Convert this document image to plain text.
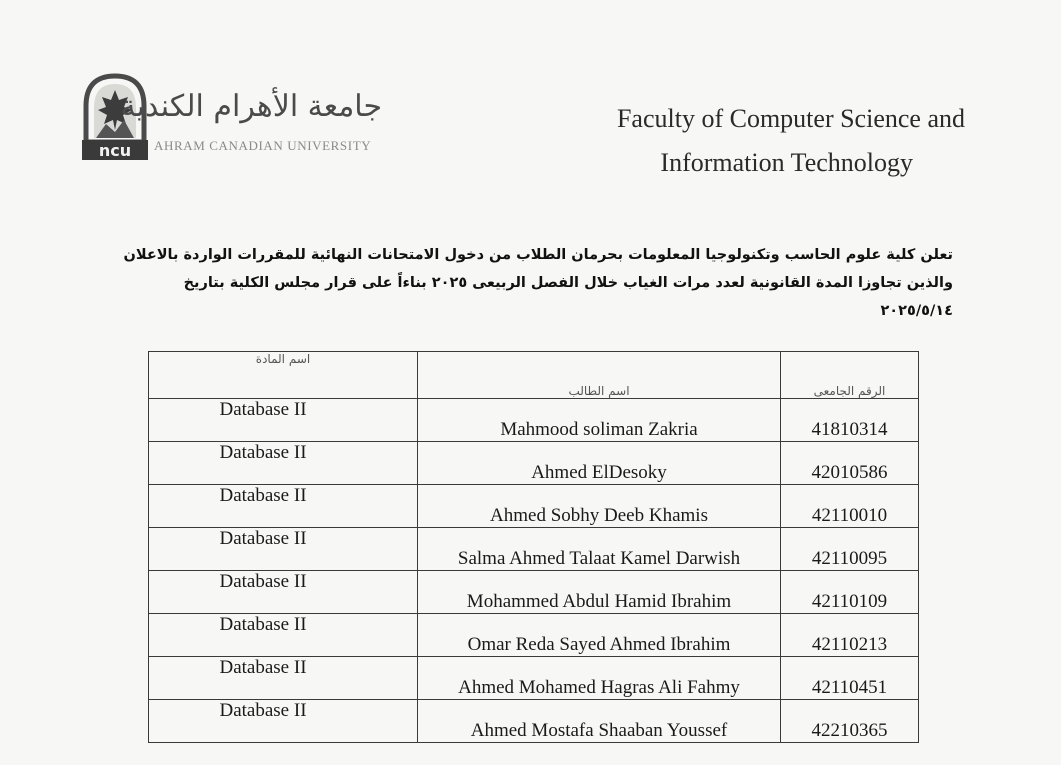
ncu
جامعة الأهرام الكندية
AHRAM CANADIAN UNIVERSITY
Faculty of Computer Science and
Information Technology
تعلن كلية علوم الحاسب وتكنولوجيا المعلومات بحرمان الطلاب من دخول الامتحانات النهائية للمقررات الواردة بالاعلان
والذين تجاوزا المدة القانونية لعدد مرات الغياب خلال الفصل الربيعى ٢٠٢٥ بناءاً على قرار مجلس الكلية بتاريخ
٢٠٢٥/٥/١٤
اسم المادة	اسم الطالب	الرقم الجامعى
Database II	Mahmood soliman Zakria	41810314
Database II	Ahmed ElDesoky	42010586
Database II	Ahmed Sobhy Deeb Khamis	42110010
Database II	Salma Ahmed Talaat Kamel Darwish	42110095
Database II	Mohammed Abdul Hamid Ibrahim	42110109
Database II	Omar Reda Sayed Ahmed Ibrahim	42110213
Database II	Ahmed Mohamed Hagras Ali Fahmy	42110451
Database II	Ahmed Mostafa Shaaban Youssef	42210365
